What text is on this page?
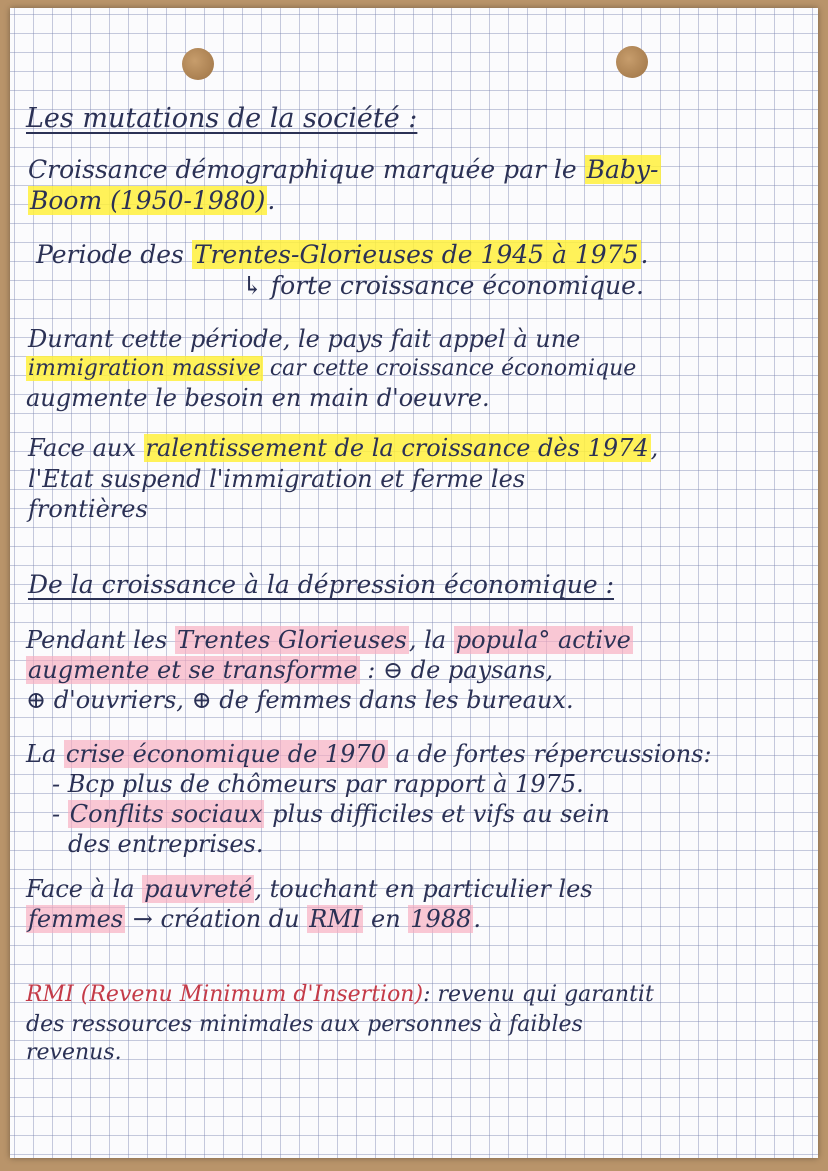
Les mutations de la société :
Croissance démographique marquée par le Baby-
Boom (1950-1980).
Periode des Trentes-Glorieuses de 1945 à 1975.
↳ forte croissance économique.
Durant cette période, le pays fait appel à une
immigration massive car cette croissance économique
augmente le besoin en main d'oeuvre.
Face aux ralentissement de la croissance dès 1974,
l'Etat suspend l'immigration et ferme les
frontières
De la croissance à la dépression économique :
Pendant les Trentes Glorieuses, la popula° active
augmente et se transforme : ⊖ de paysans,
⊕ d'ouvriers, ⊕ de femmes dans les bureaux.
La crise économique de 1970 a de fortes répercussions:
- Bcp plus de chômeurs par rapport à 1975.
- Conflits sociaux plus difficiles et vifs au sein
des entreprises.
Face à la pauvreté, touchant en particulier les
femmes → création du RMI en 1988.
RMI (Revenu Minimum d'Insertion): revenu qui garantit
des ressources minimales aux personnes à faibles
revenus.
